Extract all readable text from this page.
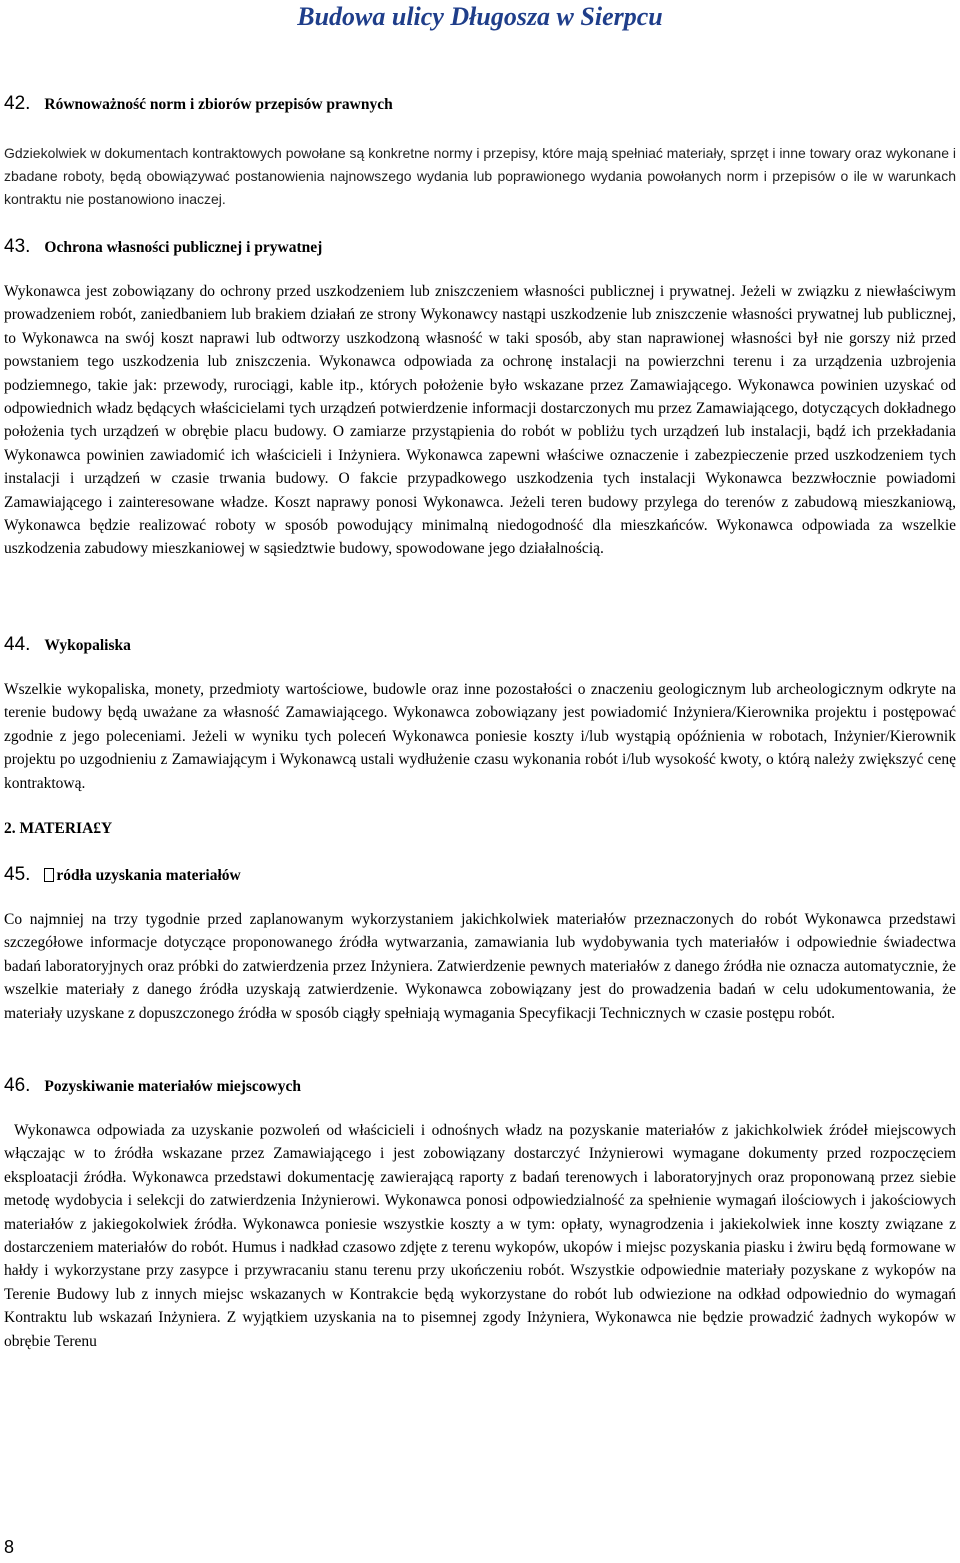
Budowa ulicy Długosza w Sierpcu
42. Równoważność norm i zbiorów przepisów prawnych

Gdziekolwiek w dokumentach kontraktowych powołane są konkretne normy i przepisy, które mają spełniać materiały, sprzęt i inne towary oraz wykonane i zbadane roboty, będą obowiązywać postanowienia najnowszego wydania lub poprawionego wydania powołanych norm i przepisów o ile w warunkach kontraktu nie postanowiono inaczej.

43. Ochrona własności publicznej i prywatnej

Wykonawca jest zobowiązany do ochrony przed uszkodzeniem lub zniszczeniem własności publicznej i prywatnej. Jeżeli w związku z niewłaściwym prowadzeniem robót, zaniedbaniem lub brakiem działań ze strony Wykonawcy nastąpi uszkodzenie lub zniszczenie własności prywatnej lub publicznej, to Wykonawca na swój koszt naprawi lub odtworzy uszkodzoną własność w taki sposób, aby stan naprawionej własności był nie gorszy niż przed powstaniem tego uszkodzenia lub zniszczenia. Wykonawca odpowiada za ochronę instalacji na powierzchni terenu i za urządzenia uzbrojenia podziemnego, takie jak: przewody, rurociągi, kable itp., których położenie było wskazane przez Zamawiającego. Wykonawca powinien uzyskać od odpowiednich władz będących właścicielami tych urządzeń potwierdzenie informacji dostarczonych mu przez Zamawiającego, dotyczących dokładnego położenia tych urządzeń w obrębie placu budowy. O zamiarze przystąpienia do robót w pobliżu tych urządzeń lub instalacji, bądź ich przekładania Wykonawca powinien zawiadomić ich właścicieli i Inżyniera. Wykonawca zapewni właściwe oznaczenie i zabezpieczenie przed uszkodzeniem tych instalacji i urządzeń w czasie trwania budowy. O fakcie przypadkowego uszkodzenia tych instalacji Wykonawca bezzwłocznie powiadomi Zamawiającego i zainteresowane władze. Koszt naprawy ponosi Wykonawca. Jeżeli teren budowy przylega do terenów z zabudową mieszkaniową, Wykonawca będzie realizować roboty w sposób powodujący minimalną niedogodność dla mieszkańców. Wykonawca odpowiada za wszelkie uszkodzenia zabudowy mieszkaniowej w sąsiedztwie budowy, spowodowane jego działalnością.

44. Wykopaliska

Wszelkie wykopaliska, monety, przedmioty wartościowe, budowle oraz inne pozostałości o znaczeniu geologicznym lub archeologicznym odkryte na terenie budowy będą uważane za własność Zamawiającego. Wykonawca zobowiązany jest powiadomić Inżyniera/Kierownika projektu i postępować zgodnie z jego poleceniami. Jeżeli w wyniku tych poleceń Wykonawca poniesie koszty i/lub wystąpią opóźnienia w robotach, Inżynier/Kierownik projektu po uzgodnieniu z Zamawiającym i Wykonawcą ustali wydłużenie czasu wykonania robót i/lub wysokość kwoty, o którą należy zwiększyć cenę kontraktową.

2. MATERIA£Y
45. ródła uzyskania materiałów

Co najmniej na trzy tygodnie przed zaplanowanym wykorzystaniem jakichkolwiek materiałów przeznaczonych do robót Wykonawca przedstawi szczegółowe informacje dotyczące proponowanego źródła wytwarzania, zamawiania lub wydobywania tych materiałów i odpowiednie świadectwa badań laboratoryjnych oraz próbki do zatwierdzenia przez Inżyniera. Zatwierdzenie pewnych materiałów z danego źródła nie oznacza automatycznie, że wszelkie materiały z danego źródła uzyskają zatwierdzenie. Wykonawca zobowiązany jest do prowadzenia badań w celu udokumentowania, że materiały uzyskane z dopuszczonego źródła w sposób ciągły spełniają wymagania Specyfikacji Technicznych w czasie postępu robót.

46. Pozyskiwanie materiałów miejscowych

Wykonawca odpowiada za uzyskanie pozwoleń od właścicieli i odnośnych władz na pozyskanie materiałów z jakichkolwiek źródeł miejscowych włączając w to źródła wskazane przez Zamawiającego i jest zobowiązany dostarczyć Inżynierowi wymagane dokumenty przed rozpoczęciem eksploatacji źródła. Wykonawca przedstawi dokumentację zawierającą raporty z badań terenowych i laboratoryjnych oraz proponowaną przez siebie metodę wydobycia i selekcji do zatwierdzenia Inżynierowi. Wykonawca ponosi odpowiedzialność za spełnienie wymagań ilościowych i jakościowych materiałów z jakiegokolwiek źródła. Wykonawca poniesie wszystkie koszty a w tym: opłaty, wynagrodzenia i jakiekolwiek inne koszty związane z dostarczeniem materiałów do robót. Humus i nadkład czasowo zdjęte z terenu wykopów, ukopów i miejsc pozyskania piasku i żwiru będą formowane w hałdy i wykorzystane przy zasypce i przywracaniu stanu terenu przy ukończeniu robót. Wszystkie odpowiednie materiały pozyskane z wykopów na Terenie Budowy lub z innych miejsc wskazanych w Kontrakcie będą wykorzystane do robót lub odwiezione na odkład odpowiednio do wymagań Kontraktu lub wskazań Inżyniera. Z wyjątkiem uzyskania na to pisemnej zgody Inżyniera, Wykonawca nie będzie prowadzić żadnych wykopów w obrębie Terenu

8
